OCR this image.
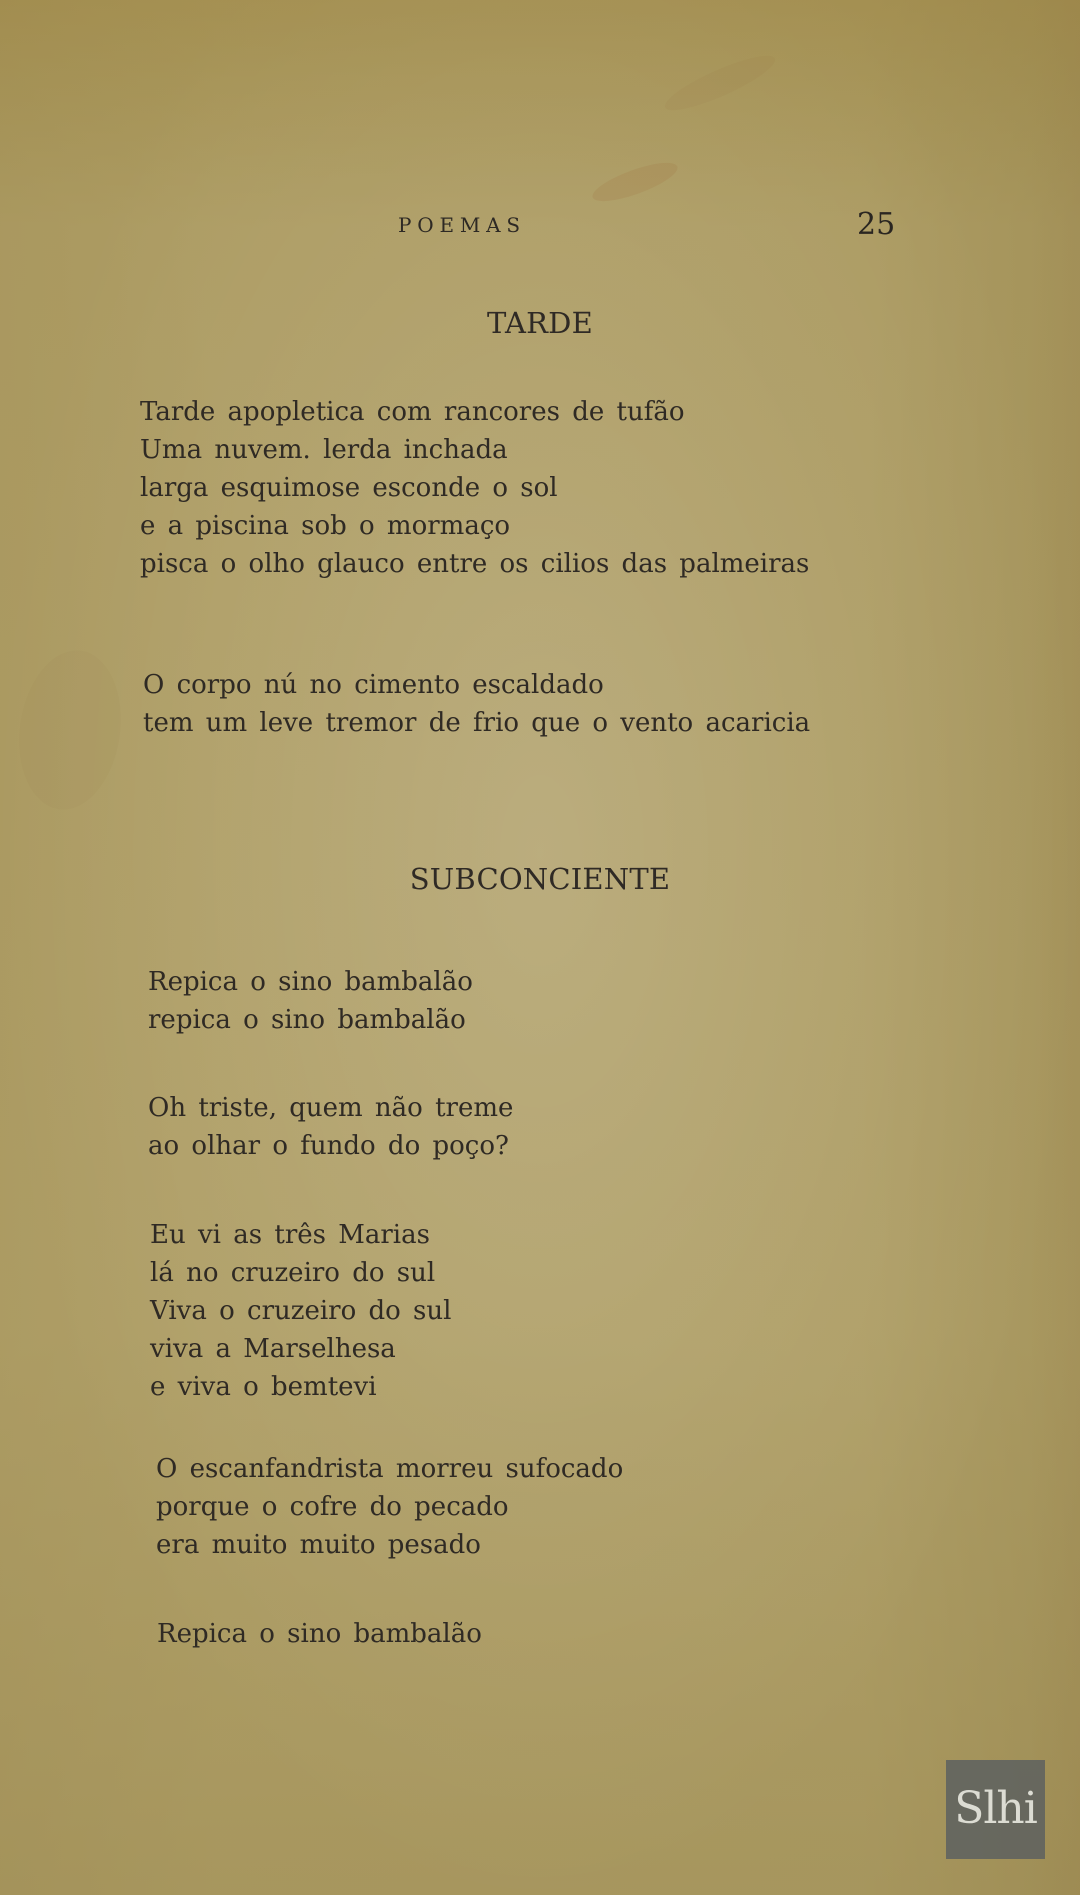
POEMAS	25
TARDE
Tarde apopletica com rancores de tufão
Uma nuvem. lerda inchada
larga esquimose esconde o sol
e a piscina sob o mormaço
pisca o olho glauco entre os cilios das palmeiras
O corpo nú no cimento escaldado
tem um leve tremor de frio que o vento acaricia
SUBCONCIENTE
Repica o sino bambalão
repica o sino bambalão
Oh triste, quem não treme
ao olhar o fundo do poço?
Eu vi as três Marias
lá no cruzeiro do sul
Viva o cruzeiro do sul
viva a Marselhesa
e viva o bemtevi
O escanfandrista morreu sufocado
porque o cofre do pecado
era muito muito pesado
Repica o sino bambalão
Slhi
